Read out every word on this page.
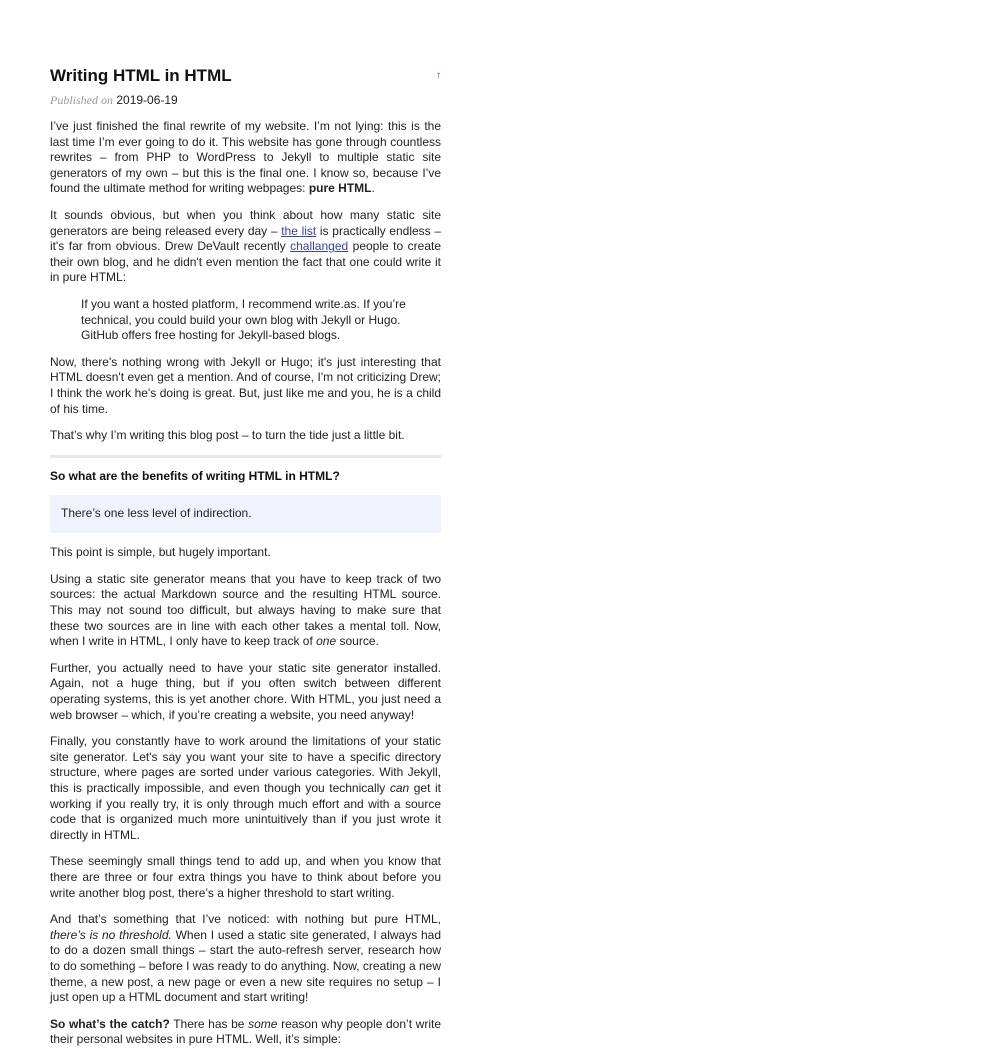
Writing HTML in HTML	↑
Published on 2019-06-19

I’ve just finished the final rewrite of my website. I’m not lying: this is the last time I’m ever going to do it. This website has gone through countless rewrites – from PHP to WordPress to Jekyll to multiple static site generators of my own – but this is the final one. I know so, because I’ve found the ultimate method for writing webpages: pure HTML.

It sounds obvious, but when you think about how many static site generators are being released every day – the list is practically endless – it's far from obvious. Drew DeVault recently challanged people to create their own blog, and he didn't even mention the fact that one could write it in pure HTML:

If you want a hosted platform, I recommend write.as. If you’re
technical, you could build your own blog with Jekyll or Hugo.
GitHub offers free hosting for Jekyll-based blogs.

Now, there's nothing wrong with Jekyll or Hugo; it's just interesting that HTML doesn't even get a mention. And of course, I'm not criticizing Drew; I think the work he's doing is great. But, just like me and you, he is a child of his time.

That’s why I’m writing this blog post – to turn the tide just a little bit.

So what are the benefits of writing HTML in HTML?
There’s one less level of indirection.

This point is simple, but hugely important.

Using a static site generator means that you have to keep track of two sources: the actual Markdown source and the resulting HTML source. This may not sound too difficult, but always having to make sure that these two sources are in line with each other takes a mental toll. Now, when I write in HTML, I only have to keep track of one source.

Further, you actually need to have your static site generator installed. Again, not a huge thing, but if you often switch between different operating systems, this is yet another chore. With HTML, you just need a web browser – which, if you’re creating a website, you need anyway!

Finally, you constantly have to work around the limitations of your static site generator. Let's say you want your site to have a specific directory structure, where pages are sorted under various categories. With Jekyll, this is practically impossible, and even though you technically can get it working if you really try, it is only through much effort and with a source code that is organized much more unintuitively than if you just wrote it directly in HTML.

These seemingly small things tend to add up, and when you know that there are three or four extra things you have to think about before you write another blog post, there’s a higher threshold to start writing.

And that’s something that I’ve noticed: with nothing but pure HTML, there’s is no threshold. When I used a static site generated, I always had to do a dozen small things – start the auto-refresh server, research how to do something – before I was ready to do anything. Now, creating a new theme, a new post, a new page or even a new site requires no setup – I just open up a HTML document and start writing!

So what’s the catch? There has be some reason why people don’t write their personal websites in pure HTML. Well, it’s simple:
